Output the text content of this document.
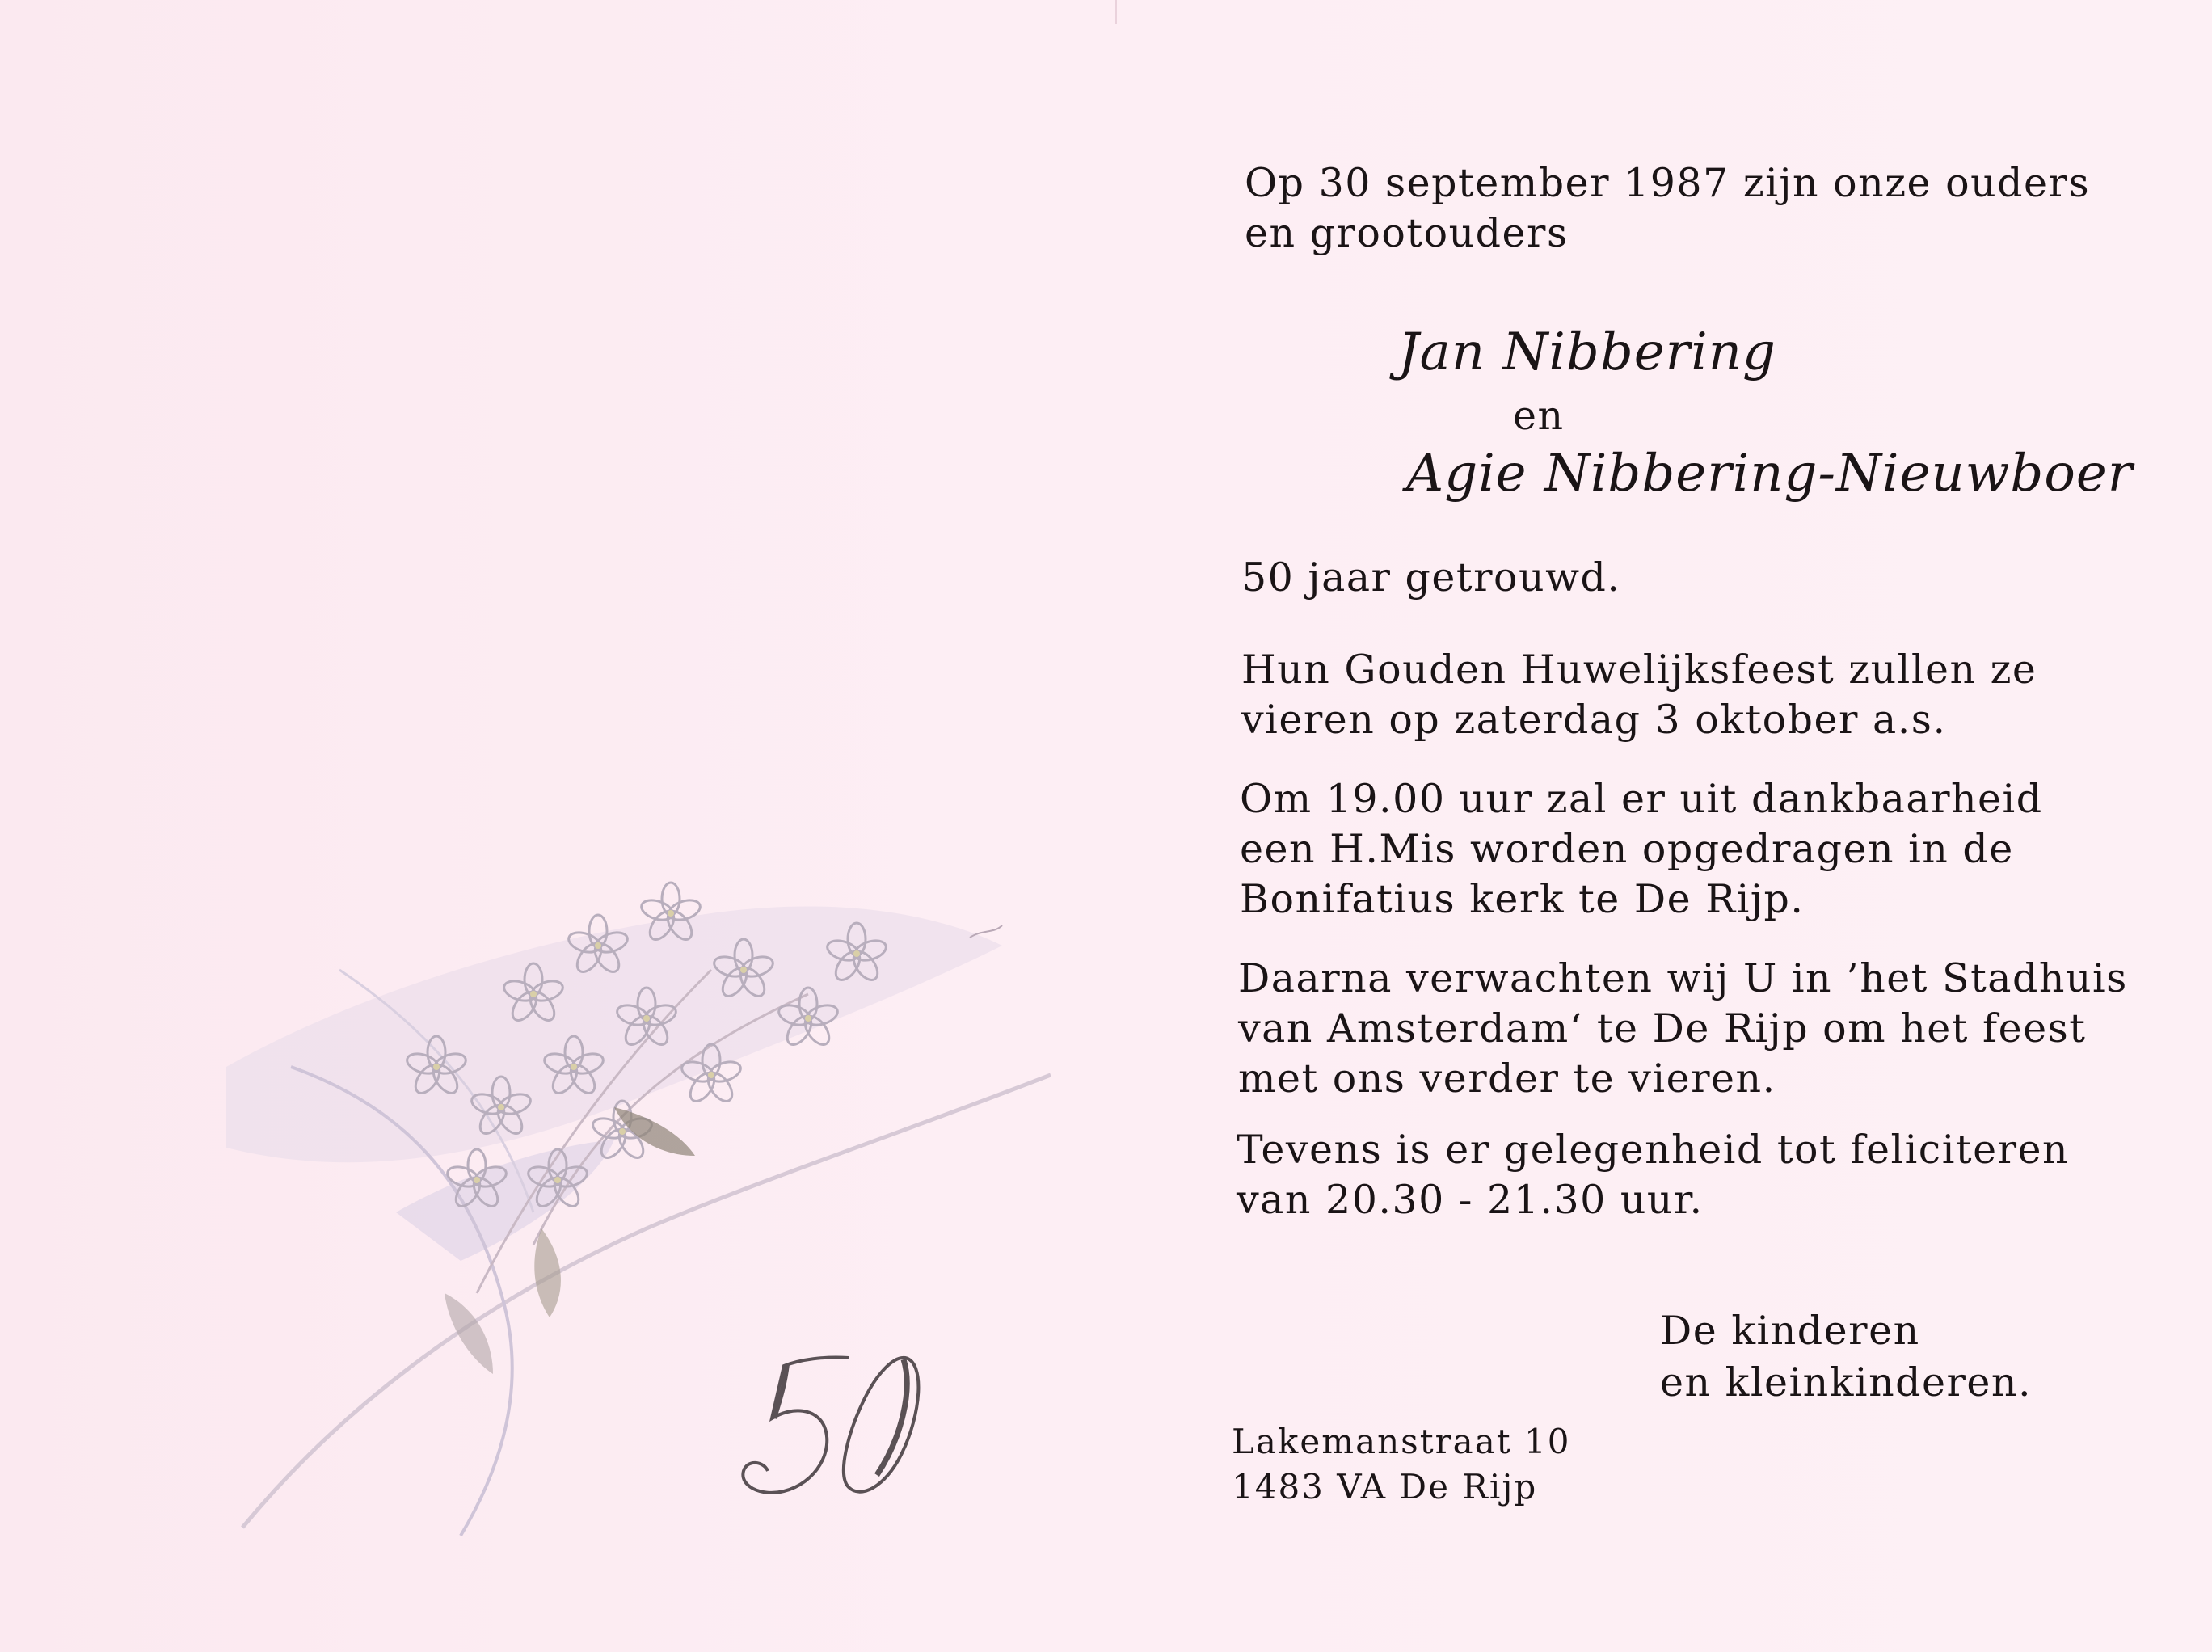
Op 30 september 1987 zijn onze ouders
en grootouders
Jan Nibbering
en
Agie Nibbering-Nieuwboer
50 jaar getrouwd.
Hun Gouden Huwelijksfeest zullen ze
vieren op zaterdag 3 oktober a.s.
Om 19.00 uur zal er uit dankbaarheid
een H.Mis worden opgedragen in de
Bonifatius kerk te De Rijp.
Daarna verwachten wij U in ’het Stadhuis
van Amsterdam‘ te De Rijp om het feest
met ons verder te vieren.
Tevens is er gelegenheid tot feliciteren
van 20.30 - 21.30 uur.
De kinderen
en kleinkinderen.
Lakemanstraat 10
1483 VA De Rijp
